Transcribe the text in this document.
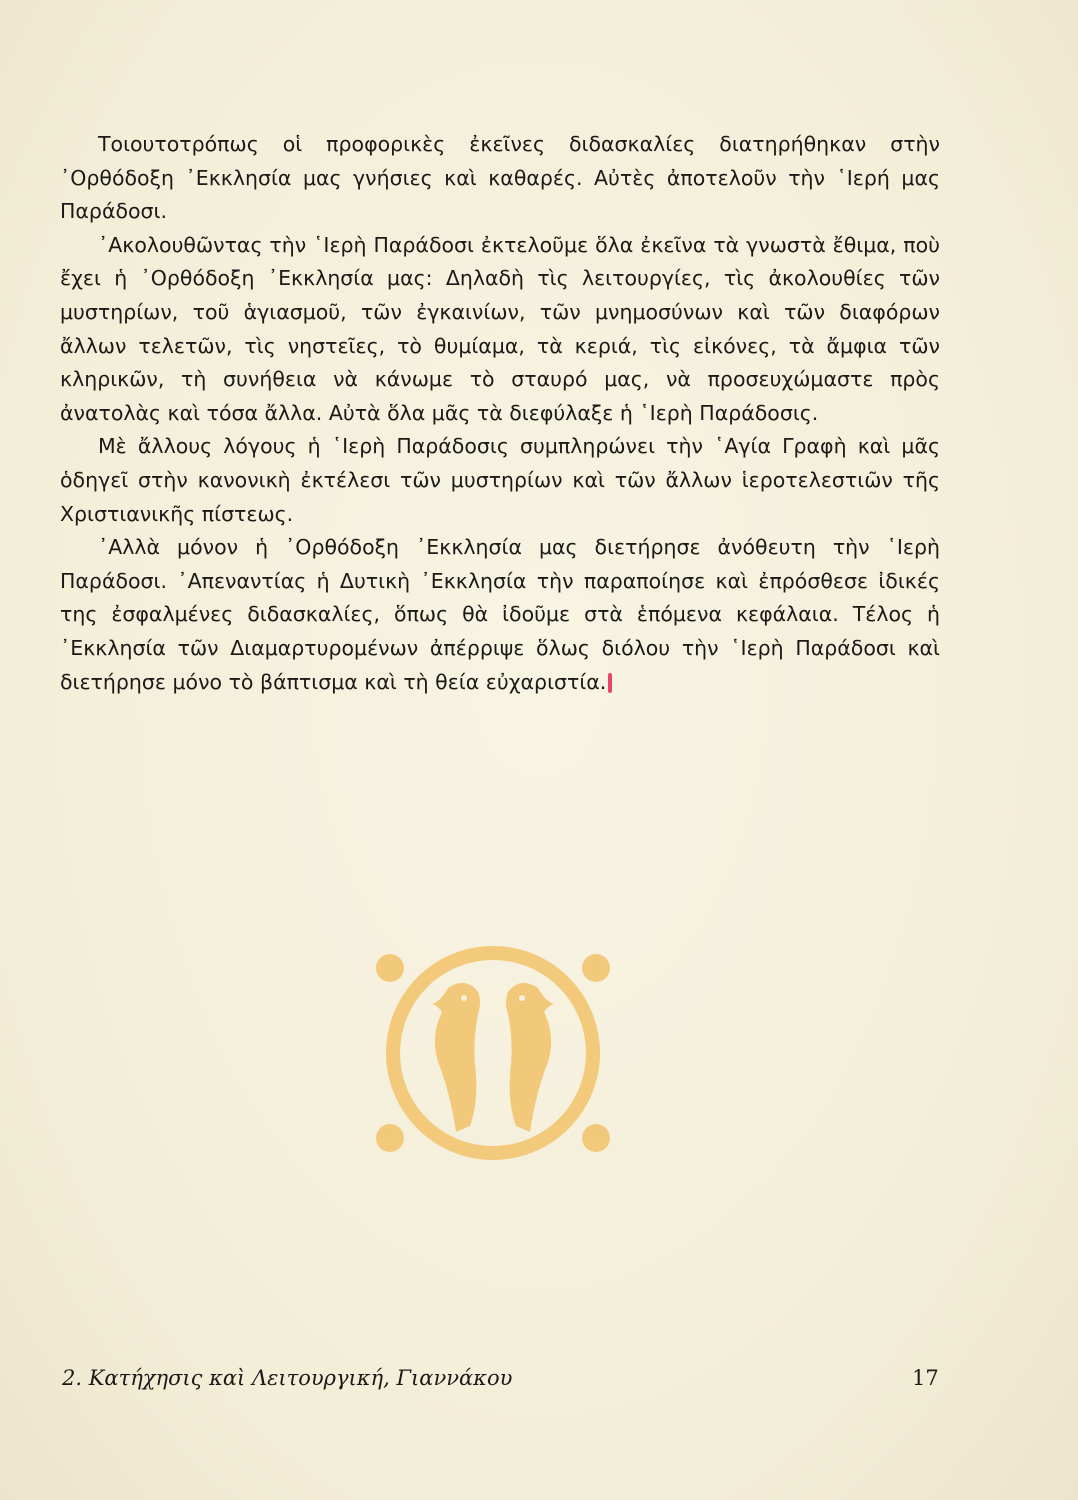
Τοιουτοτρόπως οἱ προφορικὲς ἐκεῖνες διδασκαλίες διατηρήθηκαν στὴν ᾿Ορθόδοξη ᾿Εκκλησία μας γνήσιες καὶ καθαρές. Αὐτὲς ἀποτελοῦν τὴν ῾Ιερή μας Παράδοσι.

᾿Ακολουθῶντας τὴν ῾Ιερὴ Παράδοσι ἐκτελοῦμε ὅλα ἐκεῖνα τὰ γνωστὰ ἔθιμα, ποὺ ἔχει ἡ ᾿Ορθόδοξη ᾿Εκκλησία μας: Δηλαδὴ τὶς λειτουργίες, τὶς ἀκολουθίες τῶν μυστηρίων, τοῦ ἁγιασμοῦ, τῶν ἐγκαινίων, τῶν μνημοσύνων καὶ τῶν διαφόρων ἄλλων τελετῶν, τὶς νηστεῖες, τὸ θυμίαμα, τὰ κεριά, τὶς εἰκόνες, τὰ ἄμφια τῶν κληρικῶν, τὴ συνήθεια νὰ κάνωμε τὸ σταυρό μας, νὰ προσευχώμαστε πρὸς ἀνατολὰς καὶ τόσα ἄλλα. Αὐτὰ ὅλα μᾶς τὰ διεφύλαξε ἡ ῾Ιερὴ Παράδοσις.

Μὲ ἄλλους λόγους ἡ ῾Ιερὴ Παράδοσις συμπληρώνει τὴν ῾Αγία Γραφὴ καὶ μᾶς ὁδηγεῖ στὴν κανονικὴ ἐκτέλεσι τῶν μυστηρίων καὶ τῶν ἄλλων ἱεροτελεστιῶν τῆς Χριστιανικῆς πίστεως.

᾿Αλλὰ μόνον ἡ ᾿Ορθόδοξη ᾿Εκκλησία μας διετήρησε ἀνόθευτη τὴν ῾Ιερὴ Παράδοσι. ᾿Απεναντίας ἡ Δυτικὴ ᾿Εκκλησία τὴν παραποίησε καὶ ἐπρόσθεσε ἰδικές της ἐσφαλμένες διδασκαλίες, ὅπως θὰ ἰδοῦμε στὰ ἑπόμενα κεφάλαια. Τέλος ἡ ᾿Εκκλησία τῶν Διαμαρτυρομένων ἀπέρριψε ὅλως διόλου τὴν ῾Ιερὴ Παράδοσι καὶ διετήρησε μόνο τὸ βάπτισμα καὶ τὴ θεία εὐχαριστία.

2. Κατήχησις καὶ Λειτουργική, Γιαννάκου	17
